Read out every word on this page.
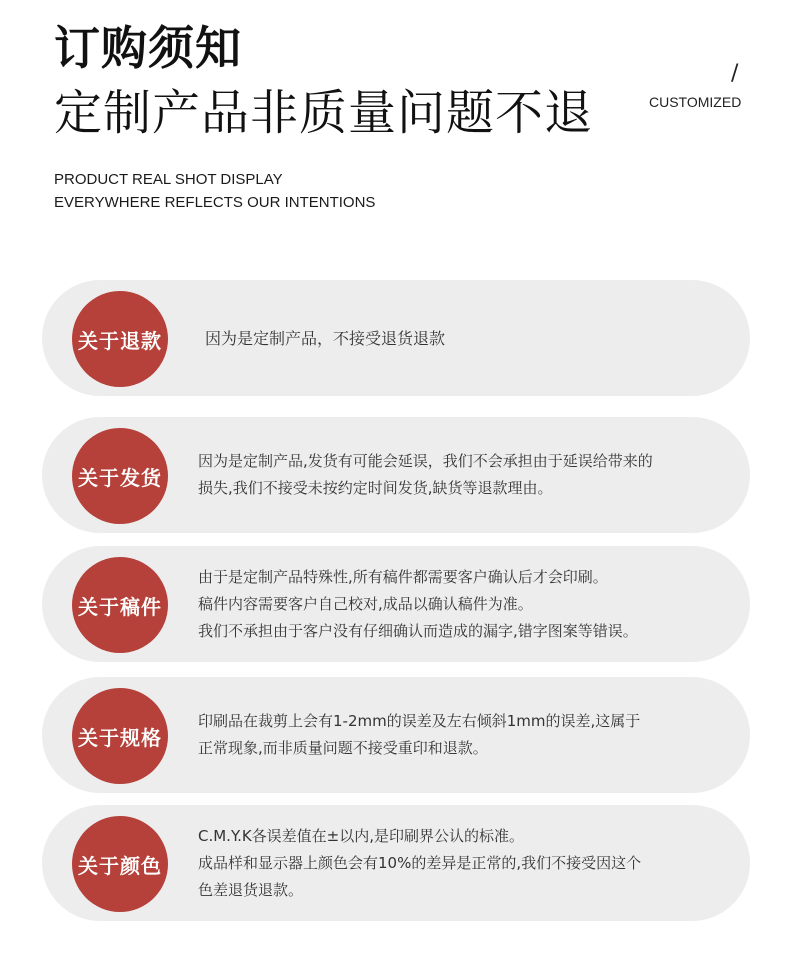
订购须知
定制产品非质量问题不退
/
CUSTOMIZED
PRODUCT REAL SHOT DISPLAY
EVERYWHERE REFLECTS OUR INTENTIONS
关于退款	因为是定制产品，不接受退货退款
关于发货
因为是定制产品,发货有可能会延误，我们不会承担由于延误给带来的
损失,我们不接受未按约定时间发货,缺货等退款理由。
关于稿件
由于是定制产品特殊性,所有稿件都需要客户确认后才会印刷。
稿件内容需要客户自己校对,成品以确认稿件为准。
我们不承担由于客户没有仔细确认而造成的漏字,错字图案等错误。
关于规格
印刷品在裁剪上会有1-2mm的误差及左右倾斜1mm的误差,这属于
正常现象,而非质量问题不接受重印和退款。
关于颜色
C.M.Y.K各误差值在±以内,是印刷界公认的标准。
成品样和显示器上颜色会有10%的差异是正常的,我们不接受因这个
色差退货退款。
